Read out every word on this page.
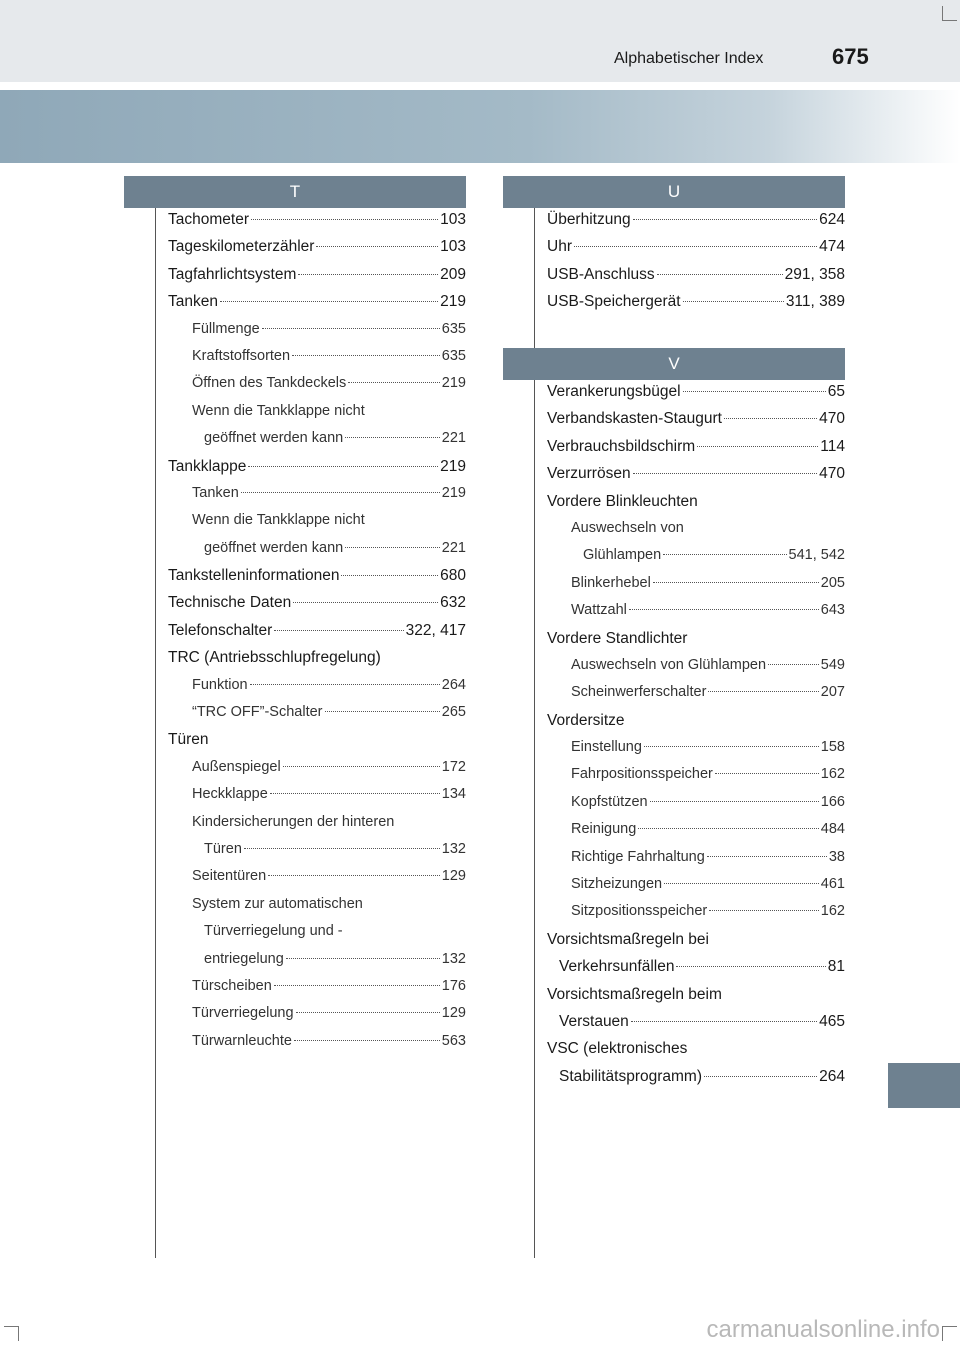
Alphabetischer Index	675
T
Tachometer	103
Tageskilometerzähler	103
Tagfahrlichtsystem	209
Tanken	219
Füllmenge	635
Kraftstoffsorten	635
Öffnen des Tankdeckels	219
Wenn die Tankklappe nicht
geöffnet werden kann	221
Tankklappe	219
Tanken	219
Wenn die Tankklappe nicht
geöffnet werden kann	221
Tankstelleninformationen	680
Technische Daten	632
Telefonschalter	322, 417
TRC (Antriebsschlupfregelung)
Funktion	264
“TRC OFF”-Schalter	265
Türen
Außenspiegel	172
Heckklappe	134
Kindersicherungen der hinteren
Türen	132
Seitentüren	129
System zur automatischen
Türverriegelung und -
entriegelung	132
Türscheiben	176
Türverriegelung	129
Türwarnleuchte	563
U
Überhitzung	624
Uhr	474
USB-Anschluss	291, 358
USB-Speichergerät	311, 389
V
Verankerungsbügel	65
Verbandskasten-Staugurt	470
Verbrauchsbildschirm	114
Verzurrösen	470
Vordere Blinkleuchten
Auswechseln von
Glühlampen	541, 542
Blinkerhebel	205
Wattzahl	643
Vordere Standlichter
Auswechseln von Glühlampen	549
Scheinwerferschalter	207
Vordersitze
Einstellung	158
Fahrpositionsspeicher	162
Kopfstützen	166
Reinigung	484
Richtige Fahrhaltung	38
Sitzheizungen	461
Sitzpositionsspeicher	162
Vorsichtsmaßregeln bei
Verkehrsunfällen	81
Vorsichtsmaßregeln beim
Verstauen	465
VSC (elektronisches
Stabilitätsprogramm)	264
carmanualsonline.info
